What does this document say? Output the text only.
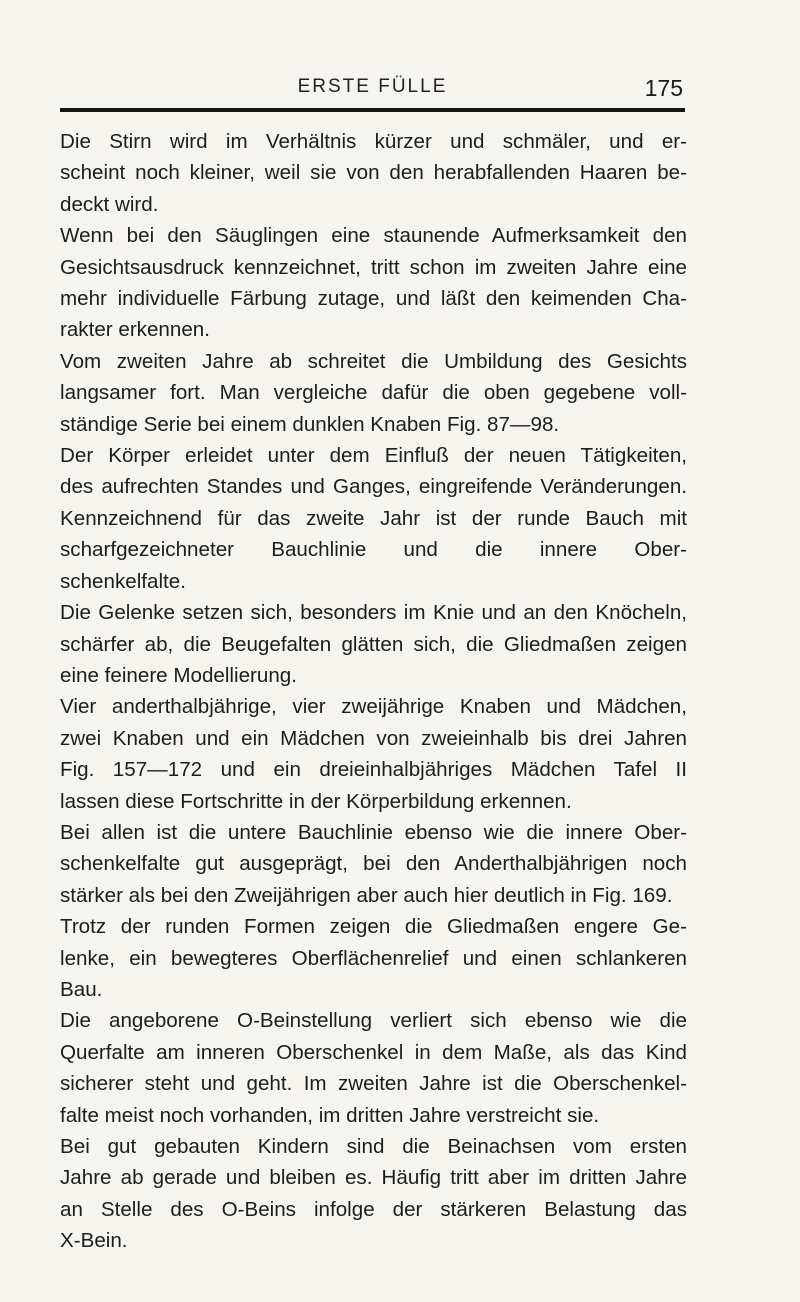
ERSTE FÜLLE	175
Die Stirn wird im Verhältnis kürzer und schmäler, und er-
scheint noch kleiner, weil sie von den herabfallenden Haaren be-
deckt wird.
Wenn bei den Säuglingen eine staunende Aufmerksamkeit den
Gesichtsausdruck kennzeichnet, tritt schon im zweiten Jahre eine
mehr individuelle Färbung zutage, und läßt den keimenden Cha-
rakter erkennen.
Vom zweiten Jahre ab schreitet die Umbildung des Gesichts
langsamer fort. Man vergleiche dafür die oben gegebene voll-
ständige Serie bei einem dunklen Knaben Fig. 87—98.
Der Körper erleidet unter dem Einfluß der neuen Tätigkeiten,
des aufrechten Standes und Ganges, eingreifende Veränderungen.
Kennzeichnend für das zweite Jahr ist der runde Bauch mit
scharfgezeichneter Bauchlinie und die innere Ober-
schenkelfalte.
Die Gelenke setzen sich, besonders im Knie und an den Knöcheln,
schärfer ab, die Beugefalten glätten sich, die Gliedmaßen zeigen
eine feinere Modellierung.
Vier anderthalbjährige, vier zweijährige Knaben und Mädchen,
zwei Knaben und ein Mädchen von zweieinhalb bis drei Jahren
Fig. 157—172 und ein dreieinhalbjähriges Mädchen Tafel II
lassen diese Fortschritte in der Körperbildung erkennen.
Bei allen ist die untere Bauchlinie ebenso wie die innere Ober-
schenkelfalte gut ausgeprägt, bei den Anderthalbjährigen noch
stärker als bei den Zweijährigen aber auch hier deutlich in Fig. 169.
Trotz der runden Formen zeigen die Gliedmaßen engere Ge-
lenke, ein bewegteres Oberflächenrelief und einen schlankeren
Bau.
Die angeborene O-Beinstellung verliert sich ebenso wie die
Querfalte am inneren Oberschenkel in dem Maße, als das Kind
sicherer steht und geht. Im zweiten Jahre ist die Oberschenkel-
falte meist noch vorhanden, im dritten Jahre verstreicht sie.
Bei gut gebauten Kindern sind die Beinachsen vom ersten
Jahre ab gerade und bleiben es. Häufig tritt aber im dritten Jahre
an Stelle des O-Beins infolge der stärkeren Belastung das
X-Bein.
